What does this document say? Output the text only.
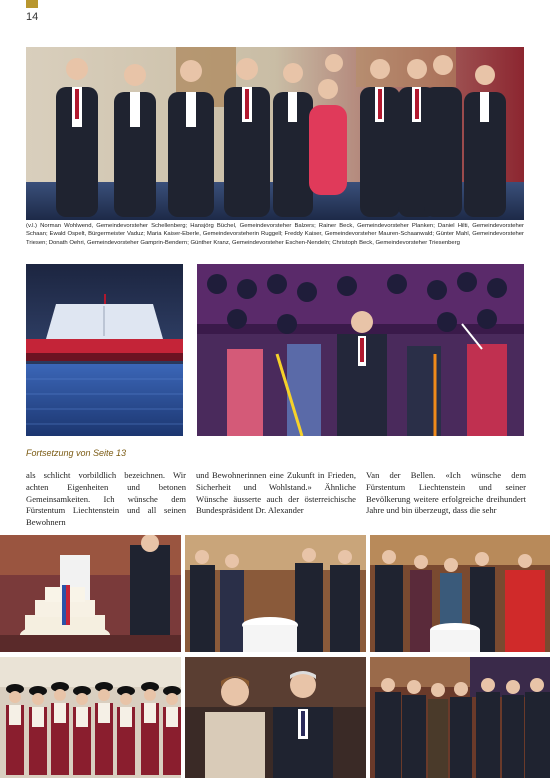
14
(v.l.) Norman Wohlwend, Gemeindevorsteher Schellenberg; Hansjörg Büchel, Gemeindevorsteher Balzers; Rainer Beck, Gemeindevorsteher Planken; Daniel Hilti, Gemeindevorsteher Schaan; Ewald Ospelt, Bürgermeister Vaduz; Maria Kaiser-Eberle, Gemeindevorsteherin Ruggell; Freddy Kaiser, Gemeindevorsteher Mauren-Schaanwald; Günter Mahl, Gemeindevorsteher Triesen; Donath Oehri, Gemeindevorsteher Gamprin-Bendern; Günther Kranz, Gemeindevorsteher Eschen-Nendeln; Christoph Beck, Gemeindevorsteher Triesenberg
Fortsetzung von Seite 13
als schlicht vorbildlich bezeichnen. Wir achten Eigenheiten und betonen Gemeinsamkeiten. Ich wünsche dem Fürstentum Liechtenstein und all seinen Bewohnern
und Bewohnerinnen eine Zukunft in Frieden, Sicherheit und Wohlstand.» Ähnliche Wünsche äusserte auch der österreichische Bundespräsident Dr. Alexander
Van der Bellen. «Ich wünsche dem Fürstentum Liechtenstein und seiner Bevölkerung weitere erfolgreiche dreihundert Jahre und bin überzeugt, dass die sehr
